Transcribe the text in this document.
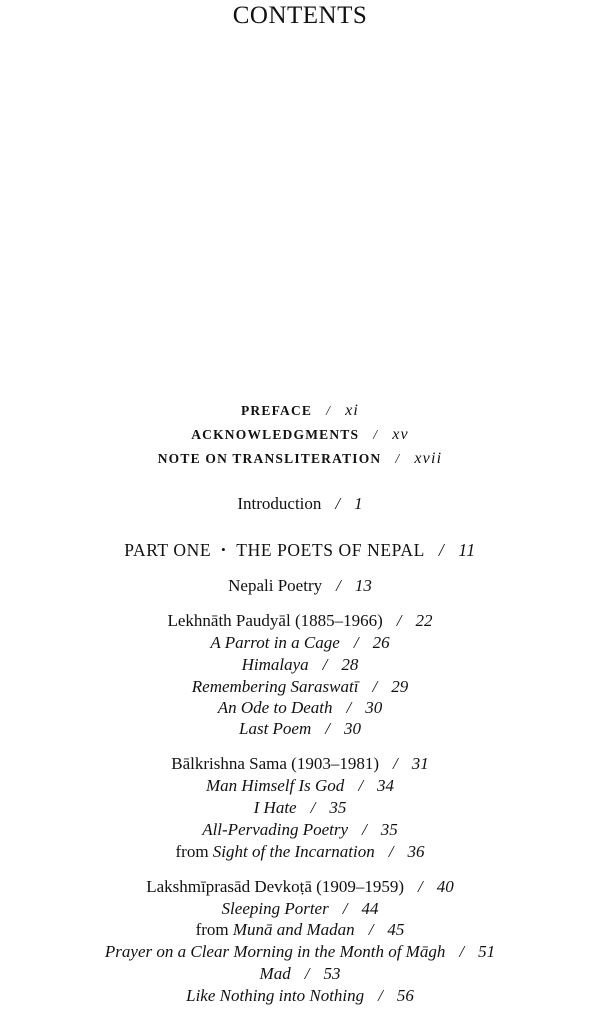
CONTENTS
PREFACE / xi
ACKNOWLEDGMENTS / xv
NOTE ON TRANSLITERATION / xvii
Introduction / 1
PART ONE • THE POETS OF NEPAL / 11
Nepali Poetry / 13
Lekhnāth Paudyāl (1885–1966) / 22
A Parrot in a Cage / 26
Himalaya / 28
Remembering Saraswatī / 29
An Ode to Death / 30
Last Poem / 30
Bālkrishna Sama (1903–1981) / 31
Man Himself Is God / 34
I Hate / 35
All-Pervading Poetry / 35
from Sight of the Incarnation / 36
Lakshmīprasād Devkoṭā (1909–1959) / 40
Sleeping Porter / 44
from Munā and Madan / 45
Prayer on a Clear Morning in the Month of Māgh / 51
Mad / 53
Like Nothing into Nothing / 56
